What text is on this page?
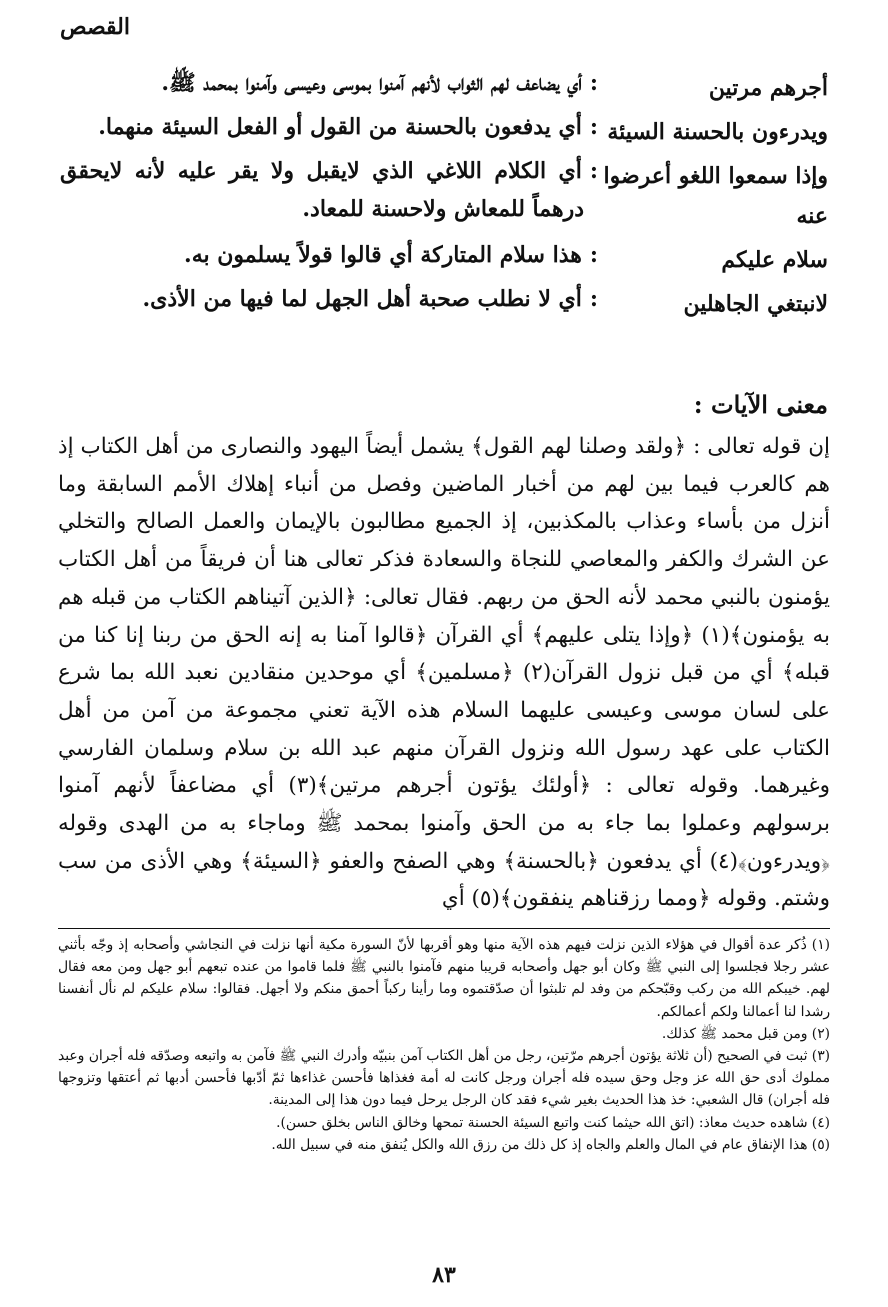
القصص
أجرهم مرتين
:أي يضاعف لهم الثواب لأنهم آمنوا بموسى وعيسى وآمنوا بمحمد ﷺ.
ويدرءون بالحسنة السيئة
:أي يدفعون بالحسنة من القول أو الفعل السيئة منهما.
وإذا سمعوا اللغو أعرضوا عنه
:أي الكلام اللاغي الذي لايقبل ولا يقر عليه لأنه لايحقق درهماً للمعاش ولاحسنة للمعاد.
سلام عليكم
:هذا سلام المتاركة أي قالوا قولاً يسلمون به.
لانبتغي الجاهلين
:أي لا نطلب صحبة أهل الجهل لما فيها من الأذى.
معنى الآيات :

إن قوله تعالى : ﴿ولقد وصلنا لهم القول﴾ يشمل أيضاً اليهود والنصارى من أهل الكتاب إذ هم كالعرب فيما بين لهم من أخبار الماضين وفصل من أنباء إهلاك الأمم السابقة وما أنزل من بأساء وعذاب بالمكذبين، إذ الجميع مطالبون بالإيمان والعمل الصالح والتخلي عن الشرك والكفر والمعاصي للنجاة والسعادة فذكر تعالى هنا أن فريقاً من أهل الكتاب يؤمنون بالنبي محمد لأنه الحق من ربهم. فقال تعالى: ﴿الذين آتيناهم الكتاب من قبله هم به يؤمنون﴾(١) ﴿وإذا يتلى عليهم﴾ أي القرآن ﴿قالوا آمنا به إنه الحق من ربنا إنا كنا من قبله﴾ أي من قبل نزول القرآن(٢) ﴿مسلمين﴾ أي موحدين منقادين نعبد الله بما شرع على لسان موسى وعيسى عليهما السلام هذه الآية تعني مجموعة من آمن من أهل الكتاب على عهد رسول الله ونزول القرآن منهم عبد الله بن سلام وسلمان الفارسي وغيرهما. وقوله تعالى : ﴿أولئك يؤتون أجرهم مرتين﴾(٣) أي مضاعفاً لأنهم آمنوا برسولهم وعملوا بما جاء به من الحق وآمنوا بمحمد ﷺ وماجاء به من الهدى وقوله ﴿ويدرءون﴾(٤) أي يدفعون ﴿بالحسنة﴾ وهي الصفح والعفو ﴿السيئة﴾ وهي الأذى من سب وشتم. وقوله ﴿ومما رزقناهم ينفقون﴾(٥) أي

(١) ذُكر عدة أقوال في هؤلاء الذين نزلت فيهم هذه الآية منها وهو أقربها لأنّ السورة مكية أنها نزلت في النجاشي وأصحابه إذ وجّه بأثني عشر رجلا فجلسوا إلى النبي ﷺ وكان أبو جهل وأصحابه قريبا منهم فآمنوا بالنبي ﷺ فلما قاموا من عنده تبعهم أبو جهل ومن معه فقال لهم. خيبكم الله من ركب وقبّحكم من وفد لم تلبثوا أن صدّقتموه وما رأينا ركباً أحمق منكم ولا أجهل. فقالوا: سلام عليكم لم نأل أنفسنا رشدا لنا أعمالنا ولكم أعمالكم.

(٢) ومن قبل محمد ﷺ كذلك.

(٣) ثبت في الصحيح (أن ثلاثة يؤتون أجرهم مرّتين، رجل من أهل الكتاب آمن بنبيّه وأدرك النبي ﷺ فآمن به واتبعه وصدّقه فله أجران وعبد مملوك أدى حق الله عز وجل وحق سيده فله أجران ورجل كانت له أمة فغذاها فأحسن غذاءها ثمّ أدّبها فأحسن أدبها ثم أعتقها وتزوجها فله أجران) قال الشعبي: خذ هذا الحديث بغير شيء فقد كان الرجل يرحل فيما دون هذا إلى المدينة.

(٤) شاهده حديث معاذ: (اتق الله حيثما كنت واتبع السيئة الحسنة تمحها وخالق الناس بخلق حسن).

(٥) هذا الإنفاق عام في المال والعلم والجاه إذ كل ذلك من رزق الله والكل يُنفق منه في سبيل الله.

٨٣
